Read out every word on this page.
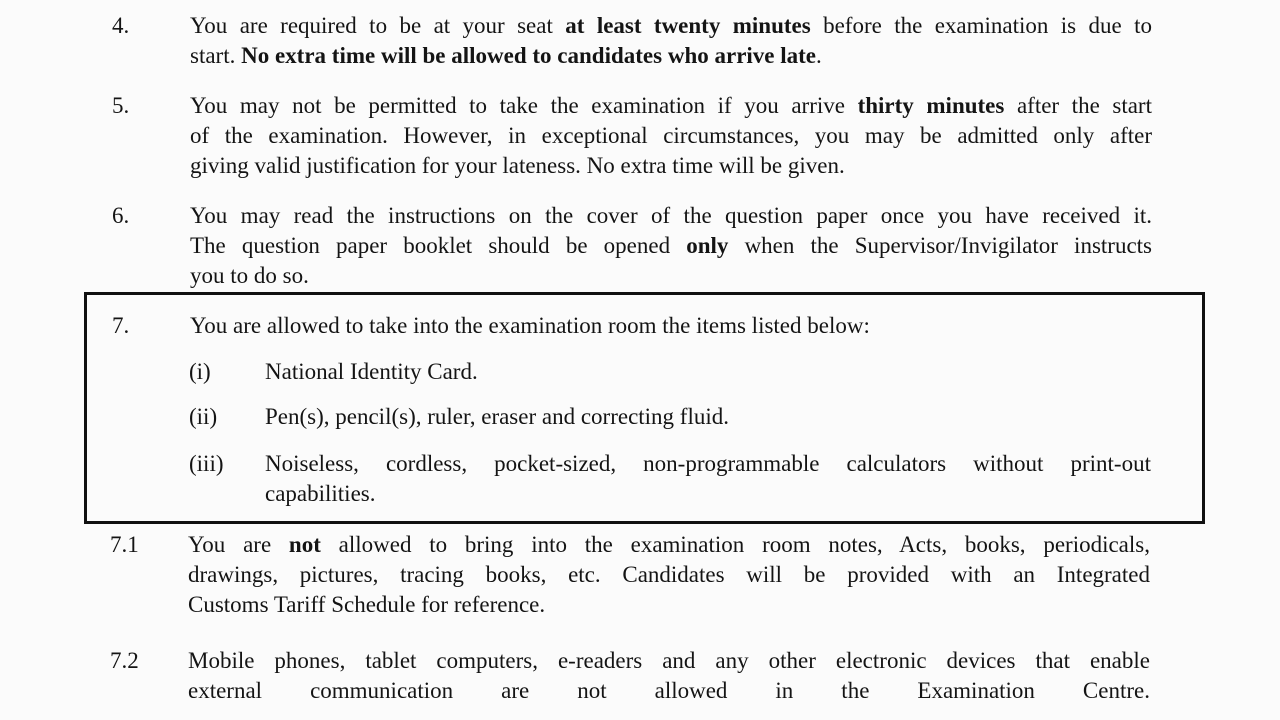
4.	You are required to be at your seat at least twenty minutes before the examination is due to
start. No extra time will be allowed to candidates who arrive late.
5.	You may not be permitted to take the examination if you arrive thirty minutes after the start
of the examination. However, in exceptional circumstances, you may be admitted only after
giving valid justification for your lateness. No extra time will be given.
6.	You may read the instructions on the cover of the question paper once you have received it.
The question paper booklet should be opened only when the Supervisor/Invigilator instructs
you to do so.
7.	You are allowed to take into the examination room the items listed below:
(i) National Identity Card.
(ii) Pen(s), pencil(s), ruler, eraser and correcting fluid.
(iii) Noiseless, cordless, pocket-sized, non-programmable calculators without print-out
capabilities.
7.1 You are not allowed to bring into the examination room notes, Acts, books, periodicals,
drawings, pictures, tracing books, etc. Candidates will be provided with an Integrated
Customs Tariff Schedule for reference.
7.2 Mobile phones, tablet computers, e-readers and any other electronic devices that enable
external communication are not allowed in the Examination Centre.
